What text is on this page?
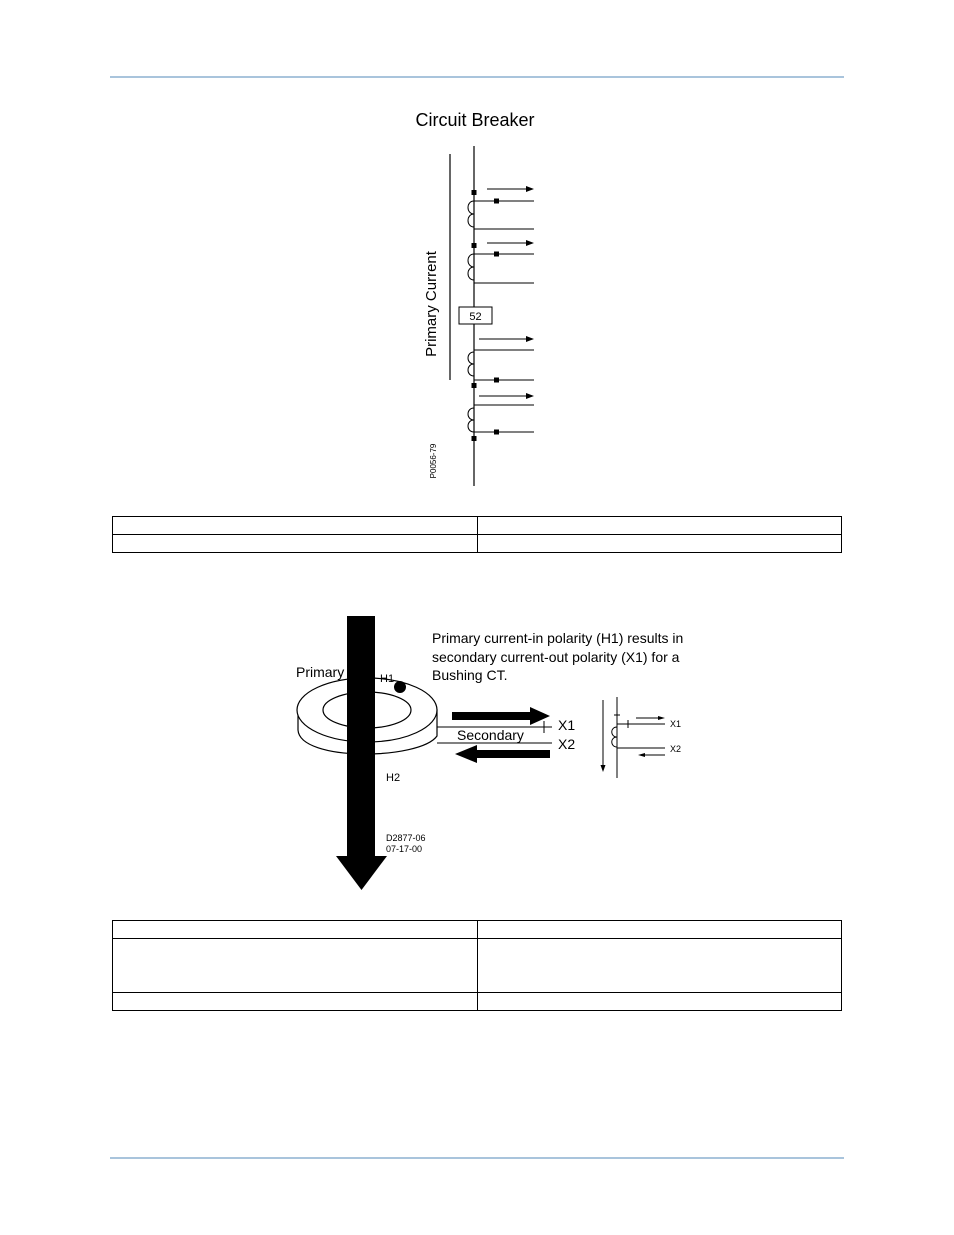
Circuit Breaker
Primary Current	52
P0056-79

Primary current-in polarity (H1) results in
secondary current-out polarity (X1) for a
Bushing CT.
Primary	H1
H2
X1
Secondary
X2
X1
X2
D2877-06
07-17-00
